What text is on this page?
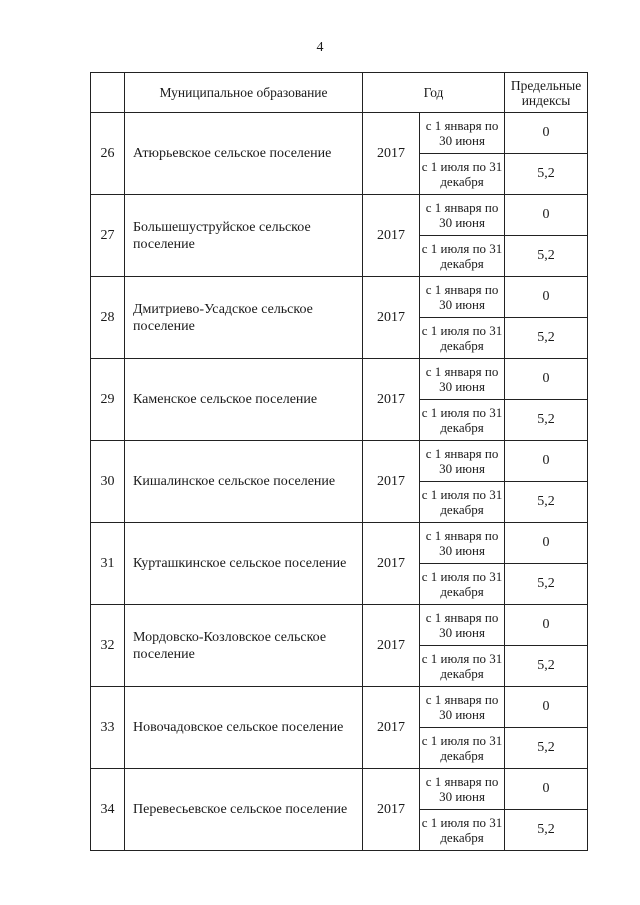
4
	Муниципальное образование	Год		Предельные индексы
26	Атюрьевское сельское поселение	2017	с 1 января по 30 июня	0
			с 1 июля по 31 декабря	5,2
27	Большешуструйское сельское поселение	2017	с 1 января по 30 июня	0
			с 1 июля по 31 декабря	5,2
28	Дмитриево-Усадское сельское поселение	2017	с 1 января по 30 июня	0
			с 1 июля по 31 декабря	5,2
29	Каменское сельское поселение	2017	с 1 января по 30 июня	0
			с 1 июля по 31 декабря	5,2
30	Кишалинское сельское поселение	2017	с 1 января по 30 июня	0
			с 1 июля по 31 декабря	5,2
31	Курташкинское сельское поселение	2017	с 1 января по 30 июня	0
			с 1 июля по 31 декабря	5,2
32	Мордовско-Козловское сельское поселение	2017	с 1 января по 30 июня	0
			с 1 июля по 31 декабря	5,2
33	Новочадовское сельское поселение	2017	с 1 января по 30 июня	0
			с 1 июля по 31 декабря	5,2
34	Перевесьевское сельское поселение	2017	с 1 января по 30 июня	0
			с 1 июля по 31 декабря	5,2
